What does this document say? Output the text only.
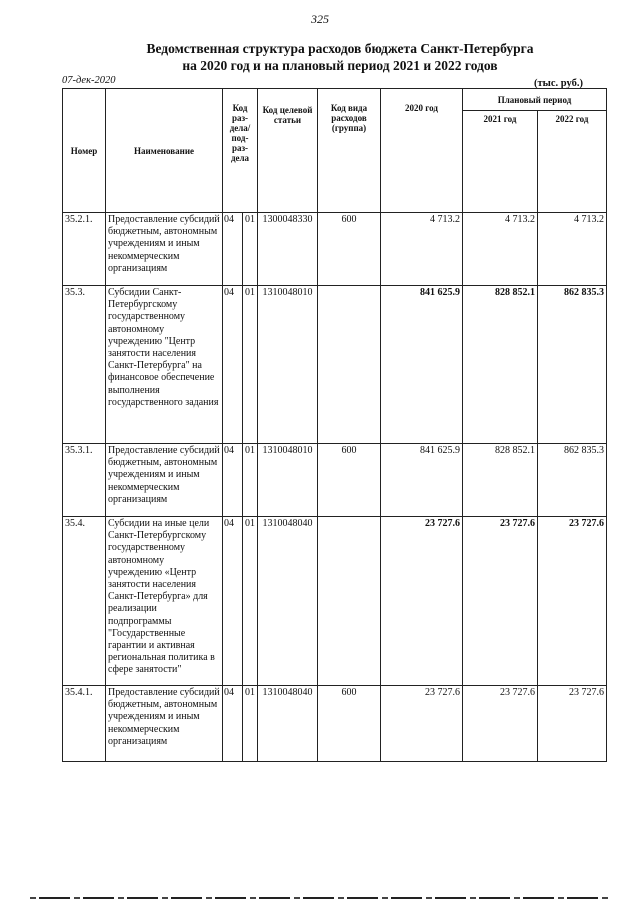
325
Ведомственная структура расходов бюджета Санкт-Петербурга
на 2020 год и на плановый период 2021 и 2022 годов
07-дек-2020	(тыс. руб.)
Номер	Наименование	Код раз-дела/ под-раз-дела		Код целевой статьи	Код вида расходов (группа)	2020 год	Плановый период	
							2021 год	2022 год
35.2.1.	Предоставление субсидий бюджетным, автономным учреждениям и иным некоммерческим организациям	04	01	1300048330	600	4 713.2	4 713.2	4 713.2
35.3.	Субсидии Санкт-Петербургскому государственному автономному учреждению "Центр занятости населения Санкт-Петербурга" на финансовое обеспечение выполнения государственного задания	04	01	1310048010		841 625.9	828 852.1	862 835.3
35.3.1.	Предоставление субсидий бюджетным, автономным учреждениям и иным некоммерческим организациям	04	01	1310048010	600	841 625.9	828 852.1	862 835.3
35.4.	Субсидии на иные цели Санкт-Петербургскому государственному автономному учреждению «Центр занятости населения Санкт-Петербурга» для реализации подпрограммы "Государственные гарантии и активная региональная политика в сфере занятости"	04	01	1310048040		23 727.6	23 727.6	23 727.6
35.4.1.	Предоставление субсидий бюджетным, автономным учреждениям и иным некоммерческим организациям	04	01	1310048040	600	23 727.6	23 727.6	23 727.6
